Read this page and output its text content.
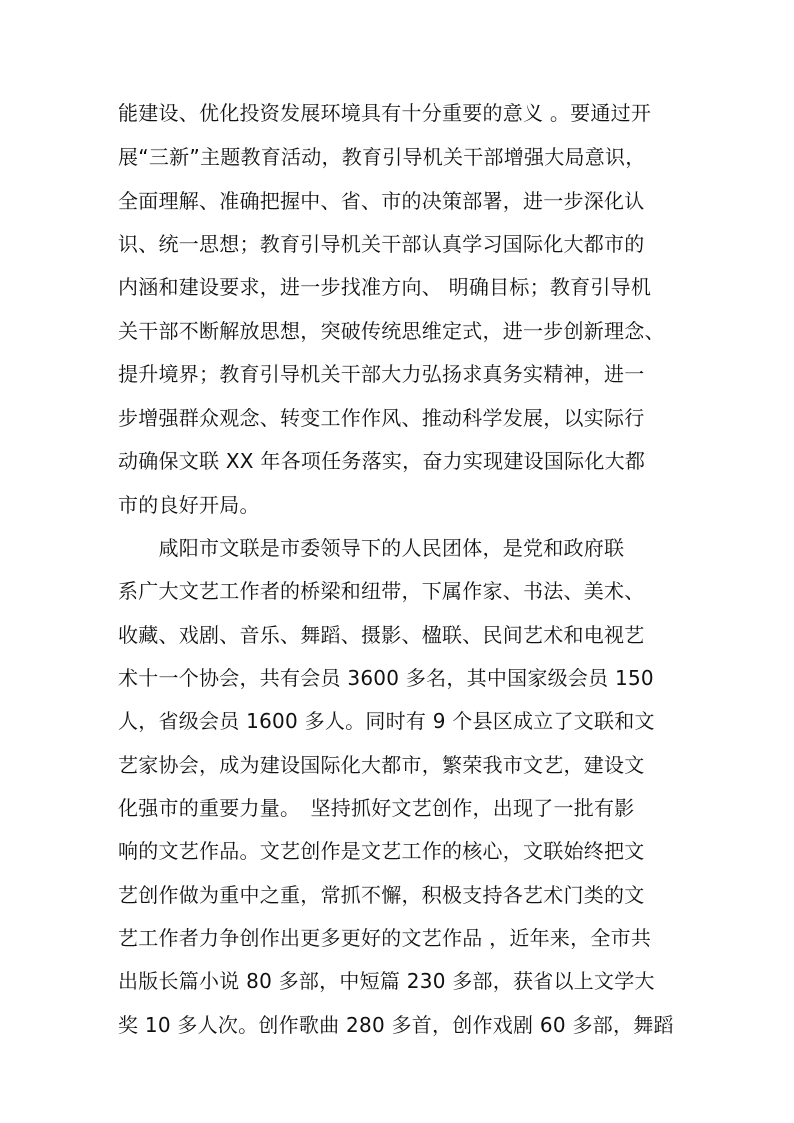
能建设、优化投资发展环境具有十分重要的意义 。要通过开
展“三新”主题教育活动，教育引导机关干部增强大局意识，
全面理解、准确把握中、省、市的决策部署，进一步深化认
识、统一思想；教育引导机关干部认真学习国际化大都市的
内涵和建设要求，进一步找准方向、 明确目标；教育引导机
关干部不断解放思想，突破传统思维定式，进一步创新理念、
提升境界；教育引导机关干部大力弘扬求真务实精神，进一
步增强群众观念、转变工作作风、推动科学发展，以实际行
动确保文联 XX 年各项任务落实，奋力实现建设国际化大都
市的良好开局。
　　咸阳市文联是市委领导下的人民团体，是党和政府联
系广大文艺工作者的桥梁和纽带，下属作家、书法、美术、
收藏、戏剧、音乐、舞蹈、摄影、楹联、民间艺术和电视艺
术十一个协会，共有会员 3600 多名，其中国家级会员 150
人，省级会员 1600 多人。同时有 9 个县区成立了文联和文
艺家协会，成为建设国际化大都市，繁荣我市文艺，建设文
化强市的重要力量。　坚持抓好文艺创作，出现了一批有影
响的文艺作品。文艺创作是文艺工作的核心，文联始终把文
艺创作做为重中之重，常抓不懈，积极支持各艺术门类的文
艺工作者力争创作出更多更好的文艺作品 ，近年来，全市共
出版长篇小说 80 多部，中短篇 230 多部，获省以上文学大
奖 10 多人次。创作歌曲 280 多首，创作戏剧 60 多部，舞蹈
